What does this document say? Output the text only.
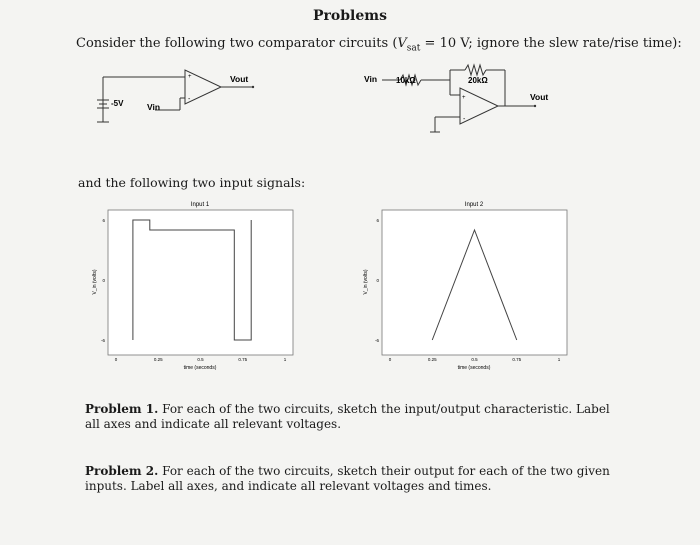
Problems
Consider the following two comparator circuits ($V_{sat} = 10$ V; ignore the slew rate/rise time):
+
-
Vout
-5V	Vin
+
-
Vin 10kΩ	20kΩ
Vout
and the following two input signals:
Input 1
time (seconds)
V_in (volts)
0	0.25	0.5	0.75	1
6
0
-6
Input 2
time (seconds)
V_in (volts)
0	0.25	0.5	0.75	1
6
0
-6
Problem 1. For each of the two circuits, sketch the input/output characteristic. Label all axes and indicate all relevant voltages.
Problem 2. For each of the two circuits, sketch their output for each of the two given inputs. Label all axes, and indicate all relevant voltages and times.
